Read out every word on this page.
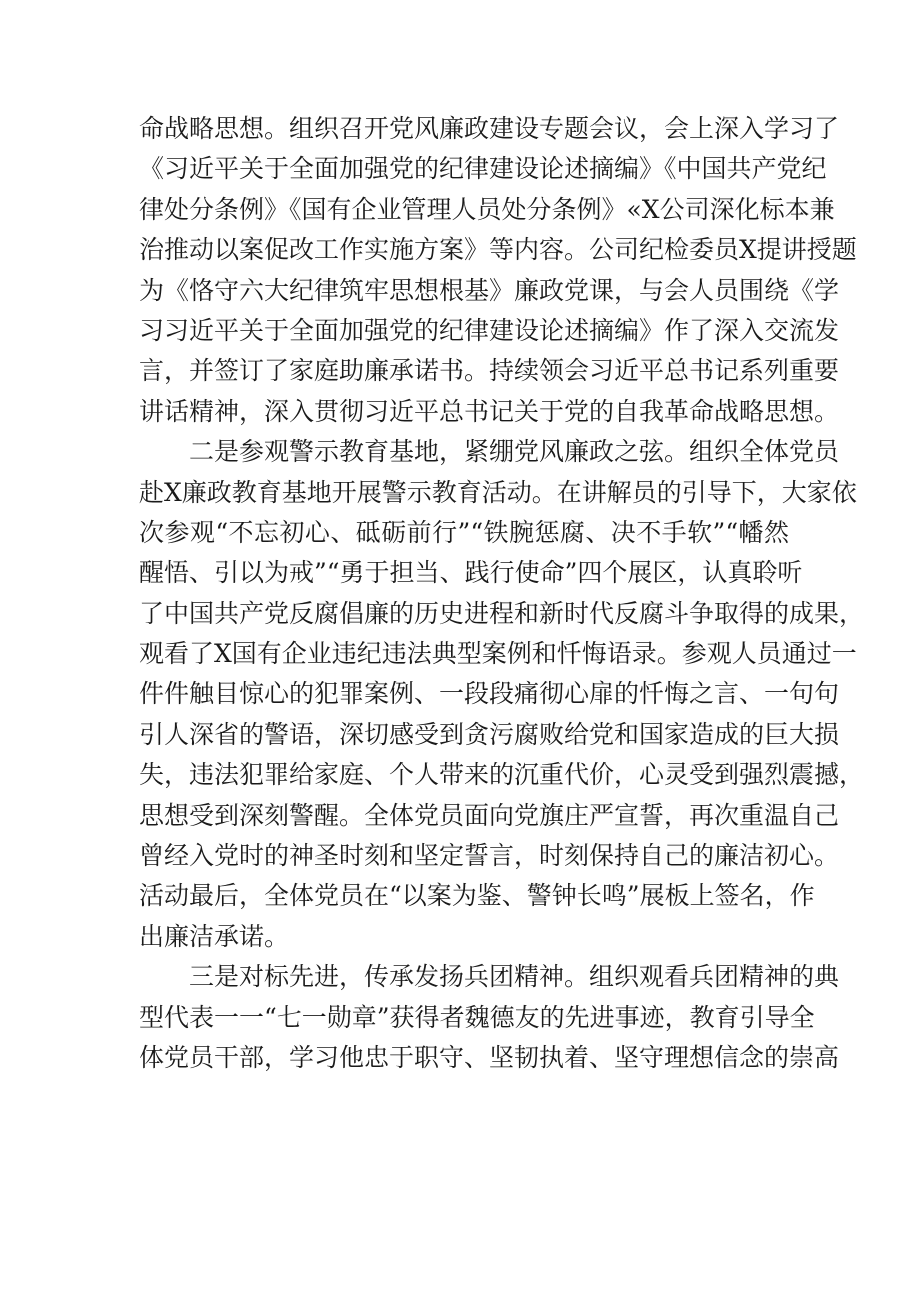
命战略思想。组织召开党风廉政建设专题会议，会上深入学习了
《习近平关于全面加强党的纪律建设论述摘编》《中国共产党纪
律处分条例》《国有企业管理人员处分条例》«X公司深化标本兼
治推动以案促改工作实施方案》等内容。公司纪检委员X提讲授题
为《恪守六大纪律筑牢思想根基》廉政党课，与会人员围绕《学
习习近平关于全面加强党的纪律建设论述摘编》作了深入交流发
言，并签订了家庭助廉承诺书。持续领会习近平总书记系列重要
讲话精神，深入贯彻习近平总书记关于党的自我革命战略思想。
二是参观警示教育基地，紧绷党风廉政之弦。组织全体党员
赴X廉政教育基地开展警示教育活动。在讲解员的引导下，大家依
次参观“不忘初心、砥砺前行”“铁腕惩腐、决不手软”“幡然
醒悟、引以为戒”“勇于担当、践行使命”四个展区，认真聆听
了中国共产党反腐倡廉的历史进程和新时代反腐斗争取得的成果，
观看了X国有企业违纪违法典型案例和忏悔语录。参观人员通过一
件件触目惊心的犯罪案例、一段段痛彻心扉的忏悔之言、一句句
引人深省的警语，深切感受到贪污腐败给党和国家造成的巨大损
失，违法犯罪给家庭、个人带来的沉重代价，心灵受到强烈震撼，
思想受到深刻警醒。全体党员面向党旗庄严宣誓，再次重温自己
曾经入党时的神圣时刻和坚定誓言，时刻保持自己的廉洁初心。
活动最后，全体党员在“以案为鉴、警钟长鸣”展板上签名，作
出廉洁承诺。
三是对标先进，传承发扬兵团精神。组织观看兵团精神的典
型代表一一“七一勋章”获得者魏德友的先进事迹，教育引导全
体党员干部，学习他忠于职守、坚韧执着、坚守理想信念的崇高
